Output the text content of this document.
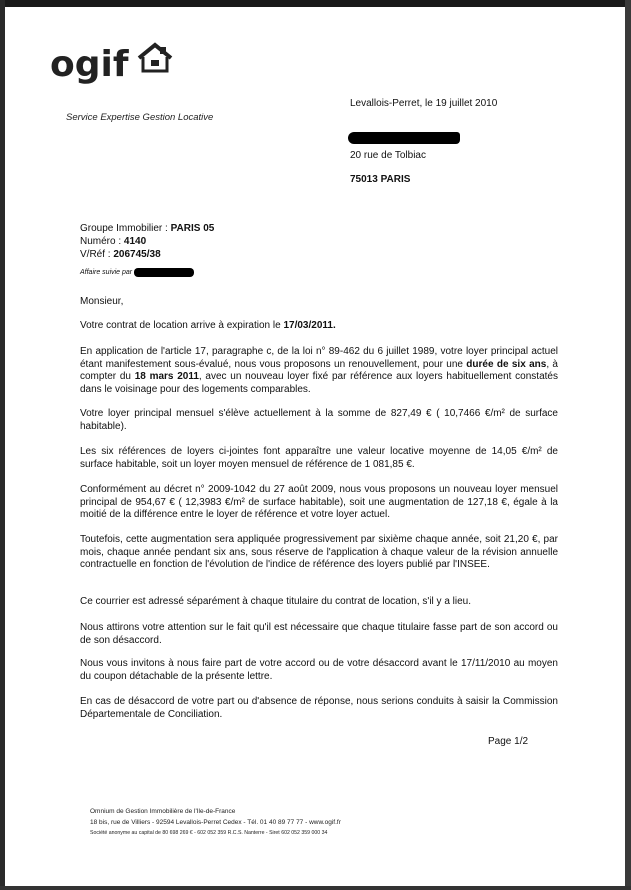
ogif
Service Expertise Gestion Locative
Levallois-Perret, le 19 juillet 2010
20 rue de Tolbiac
75013 PARIS
Groupe Immobilier : PARIS 05
Numéro : 4140
V/Réf : 206745/38
Affaire suivie par
Monsieur,
Votre contrat de location arrive à expiration le 17/03/2011.
En application de l'article 17, paragraphe c, de la loi n° 89-462 du 6 juillet 1989, votre loyer principal actuel étant manifestement sous-évalué, nous vous proposons un renouvellement, pour une durée de six ans, à compter du 18 mars 2011, avec un nouveau loyer fixé par référence aux loyers habituellement constatés dans le voisinage pour des logements comparables.
Votre loyer principal mensuel s'élève actuellement à la somme de 827,49 € ( 10,7466 €/m² de surface habitable).
Les six références de loyers ci-jointes font apparaître une valeur locative moyenne de 14,05 €/m² de surface habitable, soit un loyer moyen mensuel de référence de 1 081,85 €.
Conformément au décret n° 2009-1042 du 27 août 2009, nous vous proposons un nouveau loyer mensuel principal de 954,67 € ( 12,3983 €/m² de surface habitable), soit une augmentation de 127,18 €, égale à la moitié de la différence entre le loyer de référence et votre loyer actuel.
Toutefois, cette augmentation sera appliquée progressivement par sixième chaque année, soit 21,20 €, par mois, chaque année pendant six ans, sous réserve de l'application à chaque valeur de la révision annuelle contractuelle en fonction de l'évolution de l'indice de référence des loyers publié par l'INSEE.
Ce courrier est adressé séparément à chaque titulaire du contrat de location, s'il y a lieu.
Nous attirons votre attention sur le fait qu'il est nécessaire que chaque titulaire fasse part de son accord ou de son désaccord.
Nous vous invitons à nous faire part de votre accord ou de votre désaccord avant le 17/11/2010 au moyen du coupon détachable de la présente lettre.
En cas de désaccord de votre part ou d'absence de réponse, nous serions conduits à saisir la Commission Départementale de Conciliation.
Page 1/2
Omnium de Gestion Immobilière de l'Ile-de-France
18 bis, rue de Villiers - 92594 Levallois-Perret Cedex - Tél. 01 40 89 77 77 - www.ogif.fr
Société anonyme au capital de 80 698 269 € - 602 052 359 R.C.S. Nanterre - Siret 602 052 359 000 34
